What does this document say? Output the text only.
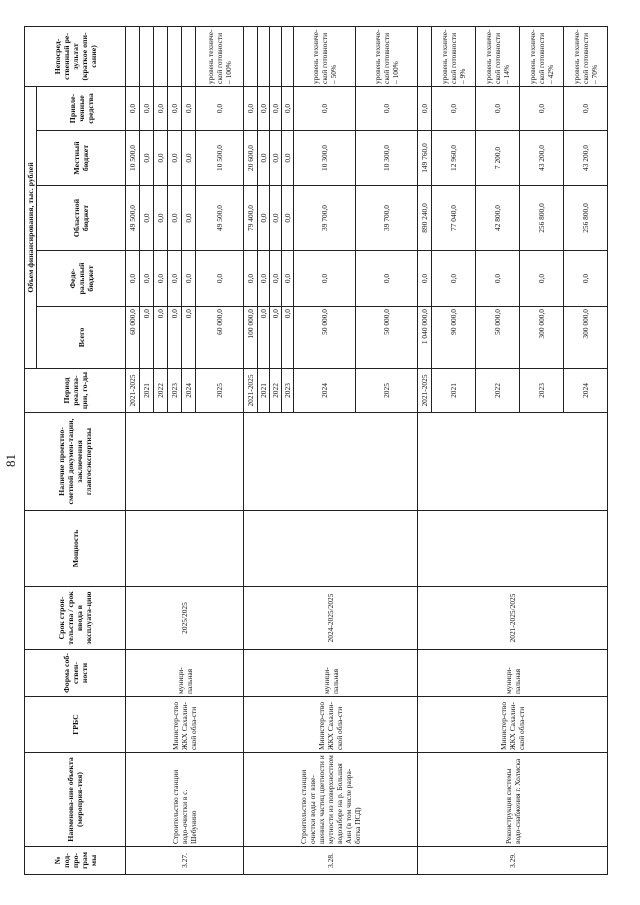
81
№ под-про-грам мы	Наименова-ние объекта (мероприя-тия)	ГРБС	Форма соб-ствен-ности	Срок строи-тельства / срок ввода в эксплуата-цию	Мощность	Наличие проектно-сметной докумен-тации, заключения главгосэкспертизы	Период реализа-ции, го-ды	Объем финансирования, тыс. рублей					Непосред-ственный ре-зультат (краткое опи-сание)
								Всего	Феде-ральный бюджет	Областной бюджет	Местный бюджет	Привле-ченные средства	
3.27.	Строительство станции водо-очистки в с. Шебунино	Министер-ство ЖКХ Сахалин-ской обла-сти	муници-пальная	2025/2025			2021-2025	60 000,0	0,0	49 500,0	10 500,0	0,0	
							2021	0,0	0,0	0,0	0,0	0,0	
							2022	0,0	0,0	0,0	0,0	0,0	
							2023	0,0	0,0	0,0	0,0	0,0	
							2024	0,0	0,0	0,0	0,0	0,0	
							2025	60 000,0	0,0	49 500,0	10 500,0	0,0	уровень техниче-ской готовности – 100%
3.28.	Строительство станции очистки воды от взве-шенных частиц цветности и мутности из поверхностном водозаборе на р. Большая Аин (в том числе разра-ботка ПСД)	Министер-ство ЖКХ Сахалин-ской обла-сти	муници-пальная	2024-2025/2025			2021-2025	100 000,0	0,0	79 400,0	20 600,0	0,0	
							2021	0,0	0,0	0,0	0,0	0,0	
							2022	0,0	0,0	0,0	0,0	0,0	
							2023	0,0	0,0	0,0	0,0	0,0	
							2024	50 000,0	0,0	39 700,0	10 300,0	0,0	уровень техниче-ской готовности – 50%
							2025	50 000,0	0,0	39 700,0	10 300,0	0,0	уровень техниче-ской готовности – 100%
3.29.	Реконструкция системы водо-снабжения г. Холмска	Министер-ство ЖКХ Сахалин-ской обла-сти	муници-пальная	2021-2025/2025			2021-2025	1 040 000,0	0,0	890 240,0	149 760,0	0,0	
							2021	90 000,0	0,0	77 040,0	12 960,0	0,0	уровень техниче-ской готовности – 9%
							2022	50 000,0	0,0	42 800,0	7 200,0	0,0	уровень техниче-ской готовности – 14%
							2023	300 000,0	0,0	256 800,0	43 200,0	0,0	уровень техниче-ской готовности – 42%
							2024	300 000,0	0,0	256 800,0	43 200,0	0,0	уровень техниче-ской готовности – 70%
